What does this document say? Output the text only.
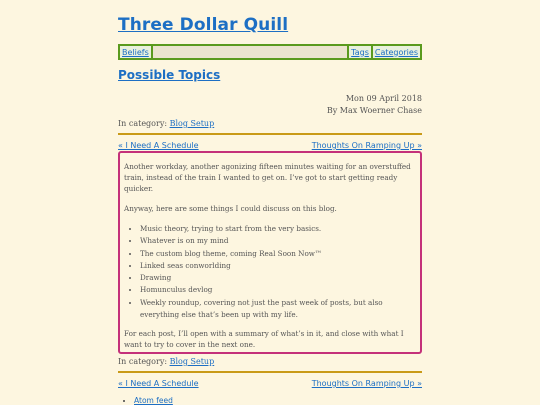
Three Dollar Quill
Beliefs	Tags Categories
Possible Topics
Mon 09 April 2018
By Max Woerner Chase
In category: Blog Setup
« I Need A Schedule	Thoughts On Ramping Up »

Another workday, another agonizing fifteen minutes waiting for an overstuffed train, instead of the train I wanted to get on. I’ve got to start getting ready quicker.

Anyway, here are some things I could discuss on this blog.

• Music theory, trying to start from the very basics.
• Whatever is on my mind
• The custom blog theme, coming Real Soon Now™
• Linked seas conworlding
• Drawing
• Homunculus devlog
• Weekly roundup, covering not just the past week of posts, but also everything else that’s been up with my life.

For each post, I’ll open with a summary of what’s in it, and close with what I want to try to cover in the next one.

In category: Blog Setup
« I Need A Schedule	Thoughts On Ramping Up »
• Atom feed
